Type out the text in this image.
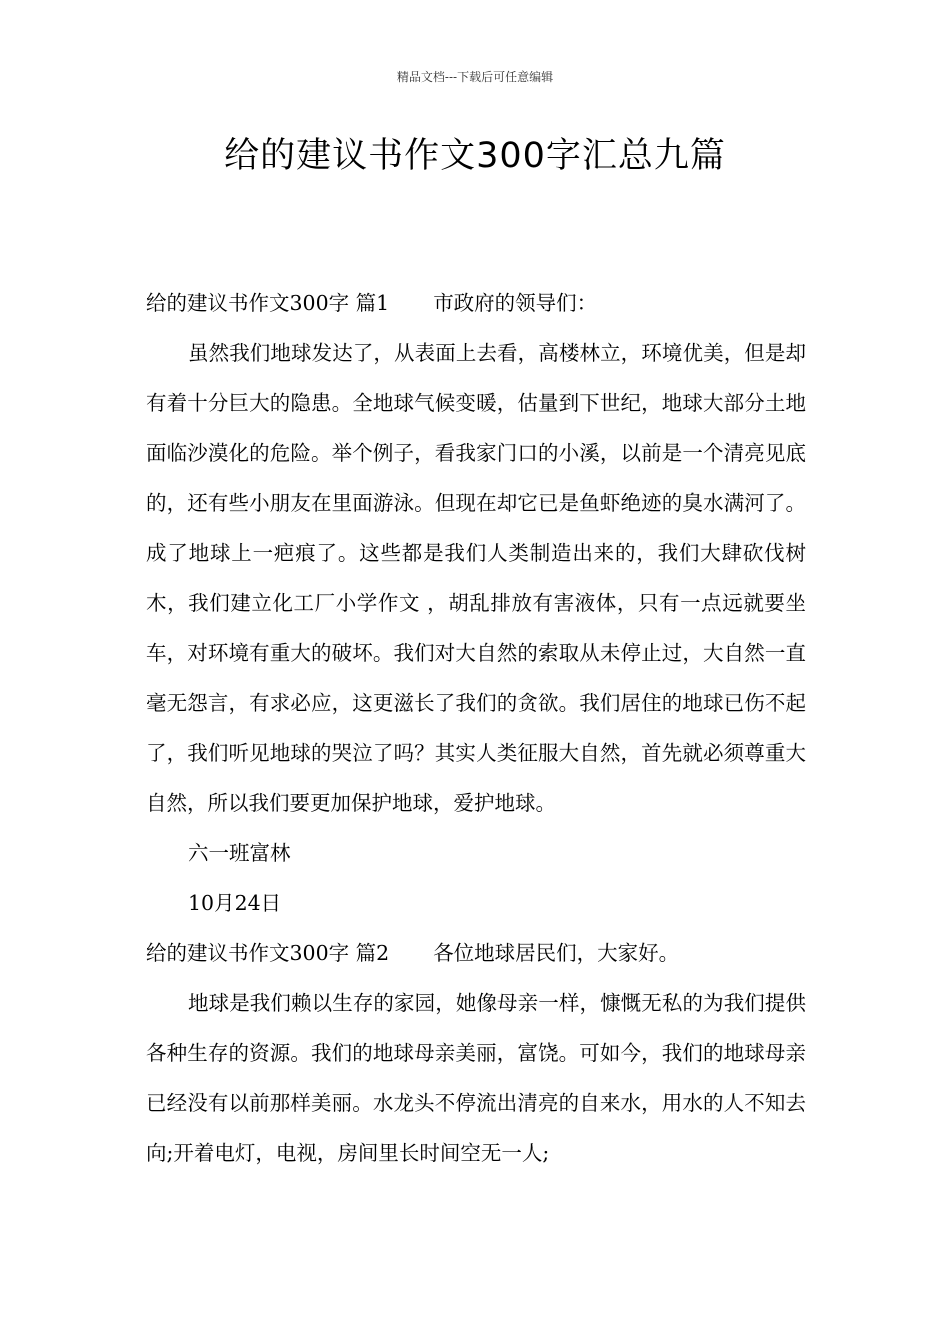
精品文档---下载后可任意编辑
给的建议书作文300字汇总九篇

给的建议书作文300字 篇1 市政府的领导们：

虽然我们地球发达了，从表面上去看，高楼林立，环境优美，但是却有着十分巨大的隐患。全地球气候变暖，估量到下世纪，地球大部分土地面临沙漠化的危险。举个例子，看我家门口的小溪，以前是一个清亮见底的，还有些小朋友在里面游泳。但现在却它已是鱼虾绝迹的臭水满河了。成了地球上一疤痕了。这些都是我们人类制造出来的，我们大肆砍伐树木，我们建立化工厂小学作文 ，胡乱排放有害液体，只有一点远就要坐车，对环境有重大的破坏。我们对大自然的索取从未停止过，大自然一直毫无怨言，有求必应，这更滋长了我们的贪欲。我们居住的地球已伤不起了，我们听见地球的哭泣了吗？其实人类征服大自然，首先就必须尊重大自然，所以我们要更加保护地球，爱护地球。

六一班富林

10月24日

给的建议书作文300字 篇2 各位地球居民们，大家好。

地球是我们赖以生存的家园，她像母亲一样，慷慨无私的为我们提供各种生存的资源。我们的地球母亲美丽，富饶。可如今，我们的地球母亲已经没有以前那样美丽。水龙头不停流出清亮的自来水，用水的人不知去向;开着电灯，电视，房间里长时间空无一人;
